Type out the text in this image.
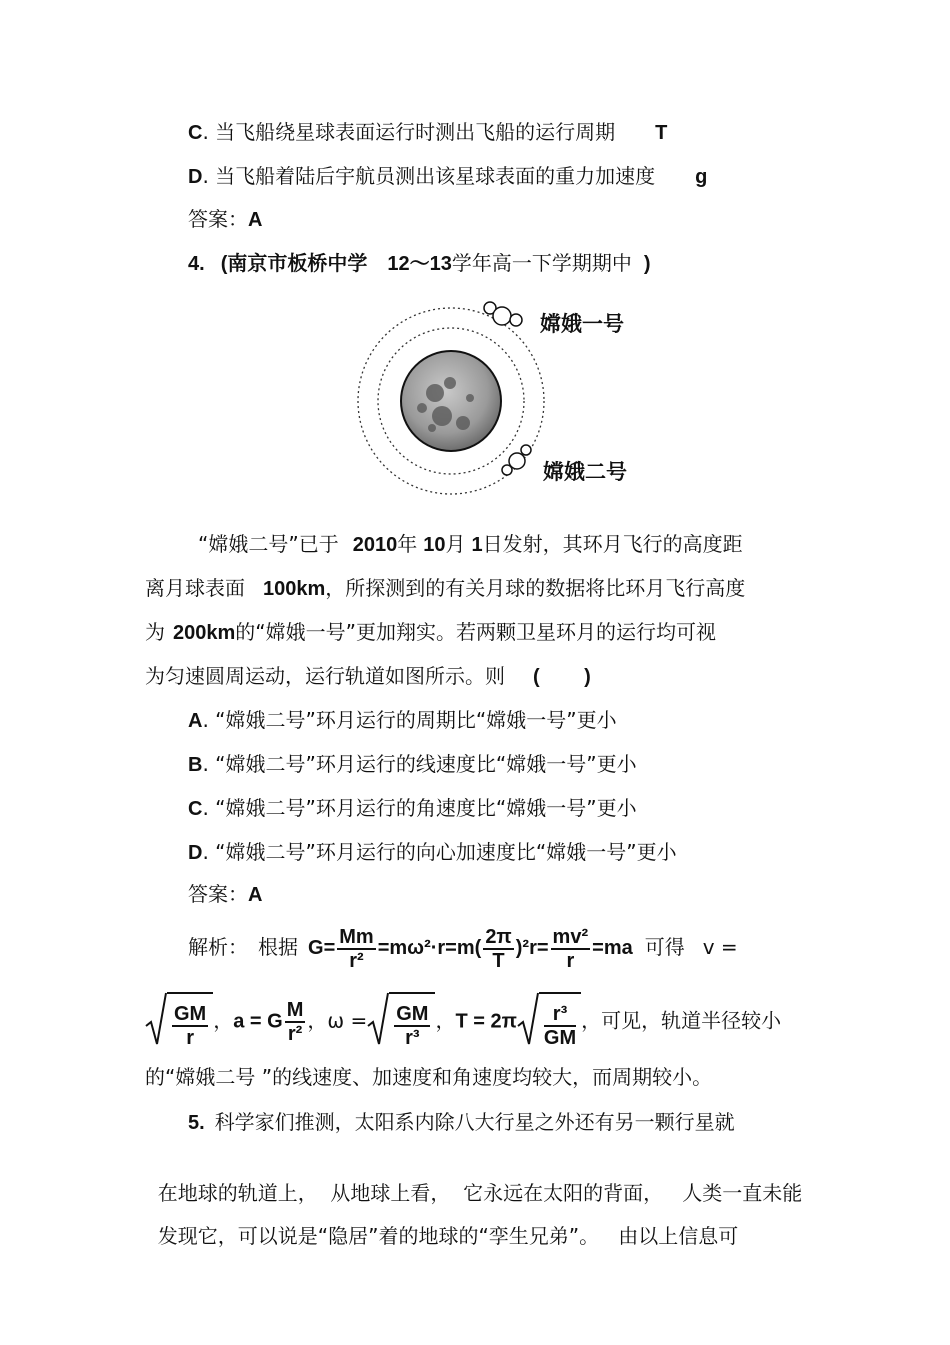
C. 当飞船绕星球表面运行时测出飞船的运行周期 T
D. 当飞船着陆后宇航员测出该星球表面的重力加速度 g
答案：A
4. (南京市板桥中学 12～13学年高一下学期期中 )
嫦娥一号
嫦娥二号
“嫦娥二号”已于 2010年 10月 1日发射，其环月飞行的高度距
离月球表面 100km，所探测到的有关月球的数据将比环月飞行高度
为 200km的“嫦娥一号”更加翔实。若两颗卫星环月的运行均可视
为匀速圆周运动，运行轨道如图所示。则 (        )
A. “嫦娥二号”环月运行的周期比“嫦娥一号”更小
B. “嫦娥二号”环月运行的线速度比“嫦娥一号”更小
C. “嫦娥二号”环月运行的角速度比“嫦娥一号”更小
D. “嫦娥二号”环月运行的向心加速度比“嫦娥一号”更小
答案：A
解析： 根据 $G= \frac{Mm}{\text{r²}} =m\omega^2\cdot r=m( \frac{2\pi}{T} )^2r= \frac{\text{mv²}}{r} =ma$ 可得 v =
$\frac{GM}{r}$ ，a = G $\frac{M}{\text{r²}}$ ，$\omega = \frac{GM}{\text{r³}}$ ，$T = 2\pi \frac{\text{r³}}{GM}$ ，可见，轨道半径较小
的“嫦娥二号 ”的线速度、加速度和角速度均较大，而周期较小。
5. 科学家们推测，太阳系内除八大行星之外还有另一颗行星就

在地球的轨道上，  从地球上看，  它永远在太阳的背面，   人类一直未能

发现它，可以说是“隐居”着的地球的“孪生兄弟”。   由以上信息可
